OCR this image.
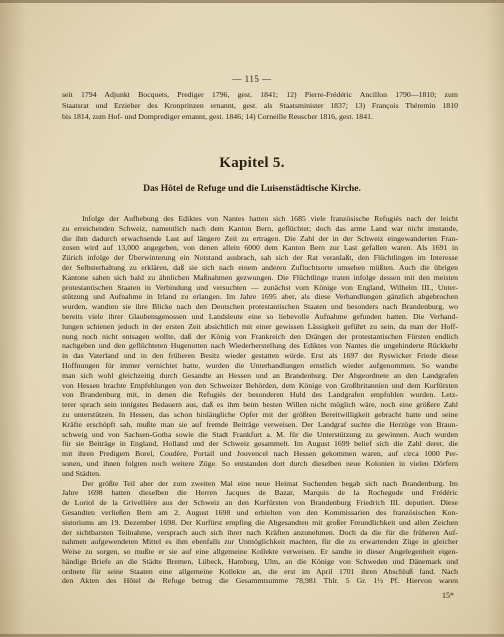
— 115 —
seit 1794 Adjunkt Bocquets, Prediger 1796, gest. 1841; 12) Pierre-Frédéric Ancillon 1790—1810; zum
Staatsrat und Erzieher des Kronprinzen ernannt, gest. als Staatsminister 1837; 13) François Théremin 1810
bis 1814, zum Hof- und Domprediger ernannt, gest. 1846; 14) Corneille Reuscher 1816, gest. 1841.
Kapitel 5.
Das Hôtel de Refuge und die Luisenstädtische Kirche.
Infolge der Aufhebung des Ediktes von Nantes hatten sich 1685 viele französische Refugiés nach der leicht
zu erreichenden Schweiz, namentlich nach dem Kanton Bern, geflüchtet; doch das arme Land war nicht imstande,
die ihm dadurch erwachsende Last auf längere Zeit zu ertragen. Die Zahl der in der Schweiz eingewanderten Fran-
zosen wird auf 13,000 angegeben, von denen allein 6000 dem Kanton Bern zur Last gefallen waren. Als 1691 in
Zürich infolge der Überwinterung ein Notstand ausbrach, sah sich der Rat veranlaßt, den Flüchtlingen im Interesse
der Selbsterhaltung zu erklären, daß sie sich nach einem anderen Zufluchtsorte umsehen müßten. Auch die übrigen
Kantone sahen sich bald zu ähnlichen Maßnahmen gezwungen. Die Flüchtlinge traten infolge dessen mit den meisten
protestantischen Staaten in Verbindung und versuchten — zunächst vom Könige von England, Wilhelm III., Unter-
stützung und Aufnahme in Irland zu erlangen. Im Jahre 1695 aber, als diese Verhandlungen gänzlich abgebrochen
wurden, wandten sie ihre Blicke nach den Deutschen protestantischen Staaten und besonders nach Brandenburg, wo
bereits viele ihrer Glaubensgenossen und Landsleute eine so liebevolle Aufnahme gefunden hatten. Die Verhand-
lungen schienen jedoch in der ersten Zeit absichtlich mit einer gewissen Lässigkeit geführt zu sein, da man der Hoff-
nung noch nicht entsagen wollte, daß der König von Frankreich den Drängen der protestantischen Fürsten endlich
nachgeben und den geflüchteten Hugenotten nach Wiederherstellung des Ediktes von Nantes die ungehinderte Rückkehr
in das Vaterland und in den früheren Besitz wieder gestatten würde. Erst als 1697 der Ryswicker Friede diese
Hoffnungen für immer vernichtet hatte, wurden die Unterhandlungen ernstlich wieder aufgenommen. So wandte
man sich wohl gleichzeitig durch Gesandte an Hessen und an Brandenburg. Der Abgeordnete an den Landgrafen
von Hessen brachte Empfehlungen von den Schweizer Behörden, dem Könige von Großbritannien und dem Kurfürsten
von Brandenburg mit, in denen die Refugiés der besonderen Huld des Landgrafen empfohlen wurden. Letz-
terer sprach sein innigstes Bedauern aus, daß es ihm beim besten Willen nicht möglich wäre, noch eine größere Zahl
zu unterstützen. In Hessen, das schon hinlängliche Opfer mit der größten Bereitwilligkeit gebracht hatte und seine
Kräfte erschöpft sah, mußte man sie auf fremde Beiträge verweisen. Der Landgraf suchte die Herzöge von Braun-
schweig und von Sachsen-Gotha sowie die Stadt Frankfurt a. M. für die Unterstützung zu gewinnen. Auch wurden
für sie Beiträge in England, Holland und der Schweiz gesammelt. Im August 1699 belief sich die Zahl derer, die
mit ihren Predigern Borel, Coudère, Portail und Jouvencel nach Hessen gekommen waren, auf circa 1000 Per-
sonen, und ihnen folgten noch weitere Züge. So entstanden dort durch dieselben neue Kolonien in vielen Dörfern
und Städten.
Der größte Teil aber der zum zweiten Mal eine neue Heimat Suchenden begab sich nach Brandenburg. Im
Jahre 1698 hatten dieselben die Herren Jacques de Bazar, Marquis de la Rochegude und Frédéric
de Loriol de la Grivellière aus der Schweiz an den Kurfürsten von Brandenburg Friedrich III. deputiert. Diese
Gesandten verließen Bern am 2. August 1698 und erhielten von den Kommissarien des französischen Kon-
sistoriums am 19. Dezember 1698. Der Kurfürst empfing die Abgesandten mit großer Freundlichkeit und allen Zeichen
der sichtbarsten Teilnahme, versprach auch sich ihrer nach Kräften anzunehmen. Doch da die für die früheren Auf-
nahmen aufgewendeten Mittel es ihm ebenfalls zur Unmöglichkeit machten, für die zu erwartenden Züge in gleicher
Weise zu sorgen, so mußte er sie auf eine allgemeine Kollekte verweisen. Er sandte in dieser Angelegenheit eigen-
händige Briefe an die Städte Bremen, Lübeck, Hamburg, Ulm, an die Könige von Schweden und Dänemark und
ordnete für seine Staaten eine allgemeine Kollekte an, die erst im April 1701 ihren Abschluß fand. Nach
den Akten des Hôtel de Refuge betrug die Gesammtsumme 78,981 Thlr. 5 Gr. 1½ Pf. Hiervon waren
15*
